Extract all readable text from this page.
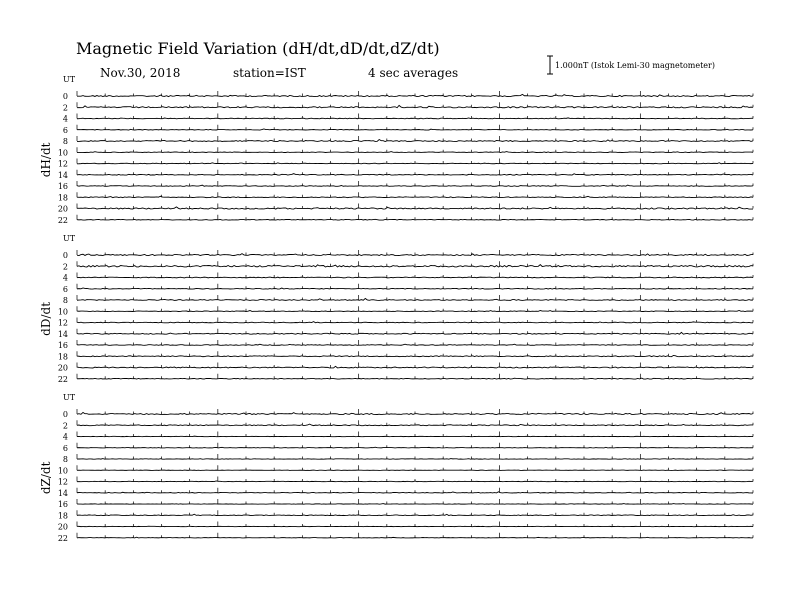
Magnetic Field Variation (dH/dt,dD/dt,dZ/dt)
Nov.30, 2018	station=IST	4 sec averages
1.000nT (Istok Lemi-30 magnetometer)
UT
dH/dt
0
2
4
6
8
10
12
14
16
18
20
22
UT
dD/dt
0
2
4
6
8
10
12
14
16
18
20
22
UT
dZ/dt
0
2
4
6
8
10
12
14
16
18
20
22
